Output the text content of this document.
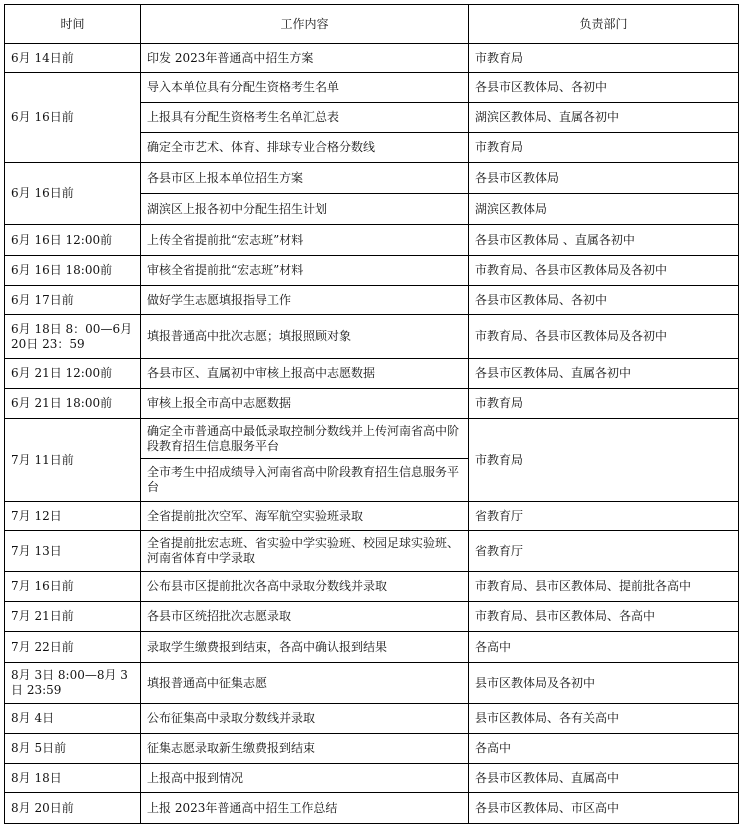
时间	工作内容	负责部门
6月 14日前	印发 2023年普通高中招生方案	市教育局
6月 16日前	导入本单位具有分配生资格考生名单	各县市区教体局、各初中
	上报具有分配生资格考生名单汇总表	湖滨区教体局、直属各初中
	确定全市艺术、体育、排球专业合格分数线	市教育局
6月 16日前	各县市区上报本单位招生方案	各县市区教体局
	湖滨区上报各初中分配生招生计划	湖滨区教体局
6月 16日 12:00前	上传全省提前批“宏志班”材料	各县市区教体局 、直属各初中
6月 16日 18:00前	审核全省提前批“宏志班”材料	市教育局、各县市区教体局及各初中
6月 17日前	做好学生志愿填报指导工作	各县市区教体局、各初中
6月 18日 8：00—6月 20日 23：59	填报普通高中批次志愿；填报照顾对象	市教育局、各县市区教体局及各初中
6月 21日 12:00前	各县市区、直属初中审核上报高中志愿数据	各县市区教体局、直属各初中
6月 21日 18:00前	审核上报全市高中志愿数据	市教育局
7月 11日前	确定全市普通高中最低录取控制分数线并上传河南省高中阶段教育招生信息服务平台	市教育局
	全市考生中招成绩导入河南省高中阶段教育招生信息服务平台	
7月 12日	全省提前批次空军、海军航空实验班录取	省教育厅
7月 13日	全省提前批宏志班、省实验中学实验班、校园足球实验班、河南省体育中学录取	省教育厅
7月 16日前	公布县市区提前批次各高中录取分数线并录取	市教育局、县市区教体局、提前批各高中
7月 21日前	各县市区统招批次志愿录取	市教育局、县市区教体局、各高中
7月 22日前	录取学生缴费报到结束，各高中确认报到结果	各高中
8月 3日 8:00—8月 3日 23:59	填报普通高中征集志愿	县市区教体局及各初中
8月 4日	公布征集高中录取分数线并录取	县市区教体局、各有关高中
8月 5日前	征集志愿录取新生缴费报到结束	各高中
8月 18日	上报高中报到情况	各县市区教体局、直属高中
8月 20日前	上报 2023年普通高中招生工作总结	各县市区教体局、市区高中
